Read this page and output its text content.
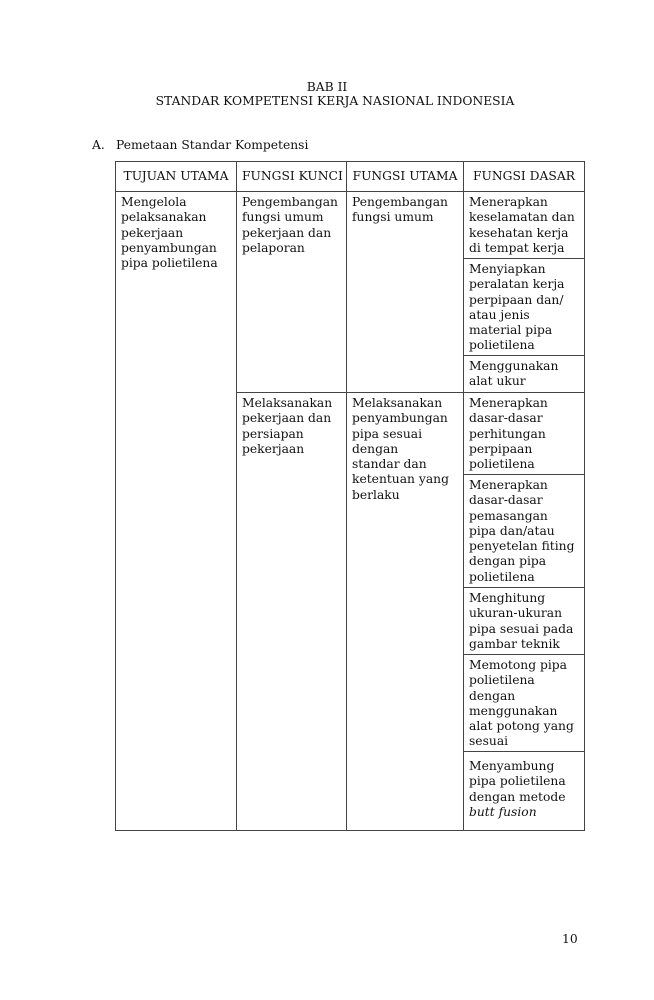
BAB II
STANDAR KOMPETENSI KERJA NASIONAL INDONESIA
A. Pemetaan Standar Kompetensi
TUJUAN UTAMA	FUNGSI KUNCI FUNGSI UTAMA	FUNGSI DASAR
Mengelola
pelaksanakan
pekerjaan
penyambungan
pipa polietilena
Pengembangan
fungsi umum
pekerjaan dan
pelaporan
Melaksanakan
pekerjaan dan
persiapan
pekerjaan
Pengembangan
fungsi umum
Melaksanakan
penyambungan
pipa sesuai
dengan
standar dan
ketentuan yang
berlaku
Menerapkan
keselamatan dan
kesehatan kerja
di tempat kerja
Menyiapkan
peralatan kerja
perpipaan dan/
atau jenis
material pipa
polietilena
Menggunakan
alat ukur
Menerapkan
dasar-dasar
perhitungan
perpipaan
polietilena
Menerapkan
dasar-dasar
pemasangan
pipa dan/atau
penyetelan fiting
dengan pipa
polietilena
Menghitung
ukuran-ukuran
pipa sesuai pada
gambar teknik
Memotong pipa
polietilena
dengan
menggunakan
alat potong yang
sesuai
Menyambung
pipa polietilena
dengan metode
butt fusion
10
